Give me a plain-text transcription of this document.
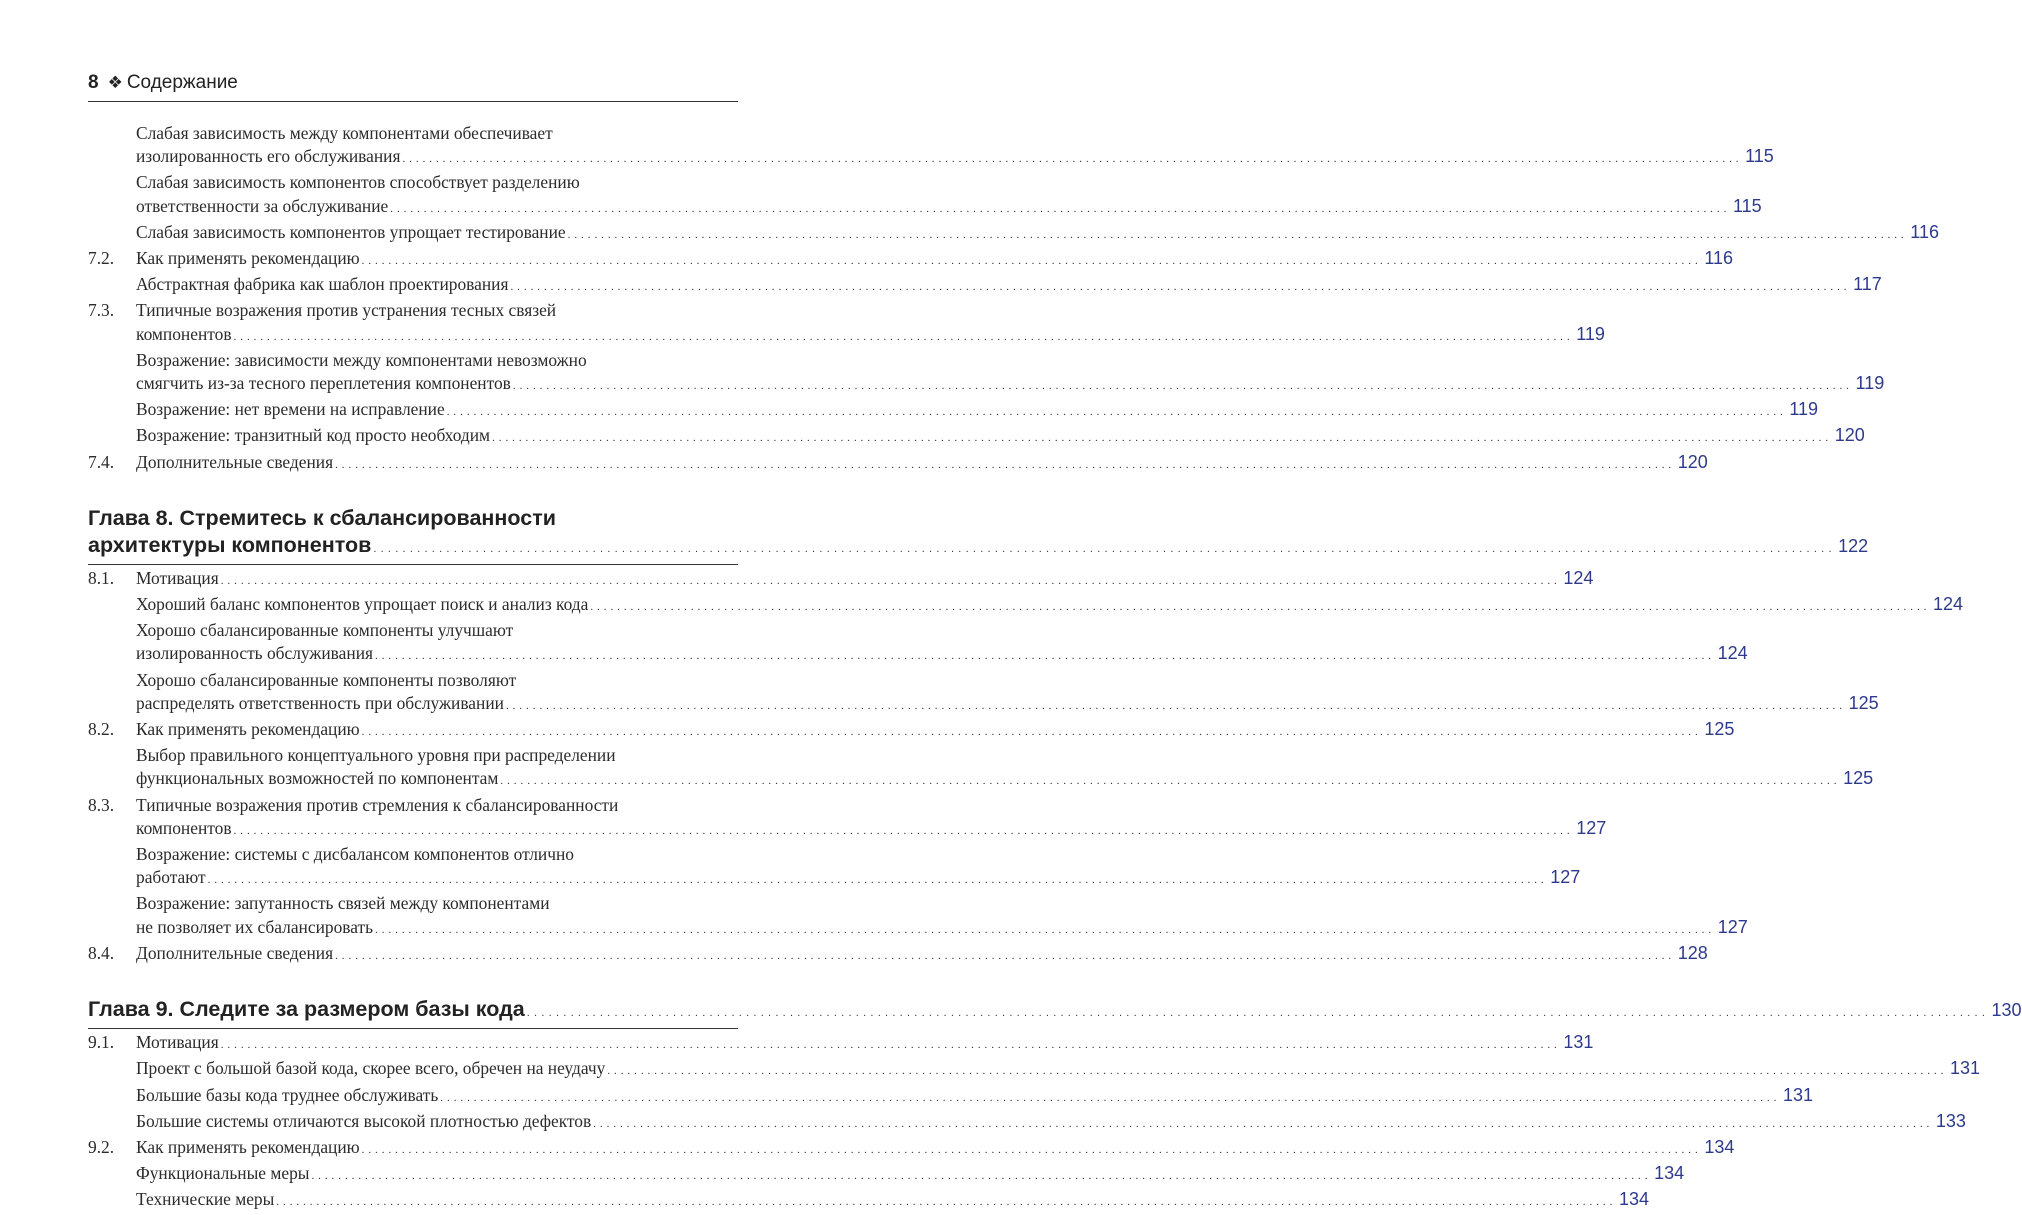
8 ❖ Содержание
Слабая зависимость между компонентами обеспечивает
изолированность его обслуживания . . . . . . . . . . . . . . . . . . . . . . . . . . . . . . . . . . . . . . . . . . . . . . . . . . . . . . . . . . . . . . . . . . . . . . . . . . . . . . . . . . . . . . . . . . . . . . . . . . . . . . . . . . . . . . . . . . . . . . . . . . . . . . . . . . . . . . . . . . . . . . . . . . . . . . . . . . . . . . . . . . . . . . . . . . . . . . . . . . . . . . . . . . . . . . . . . . . . . . . . 115
Слабая зависимость компонентов способствует разделению
ответственности за обслуживание . . . . . . . . . . . . . . . . . . . . . . . . . . . . . . . . . . . . . . . . . . . . . . . . . . . . . . . . . . . . . . . . . . . . . . . . . . . . . . . . . . . . . . . . . . . . . . . . . . . . . . . . . . . . . . . . . . . . . . . . . . . . . . . . . . . . . . . . . . . . . . . . . . . . . . . . . . . . . . . . . . . . . . . . . . . . . . . . . . . . . . . . . . . . . . . . . . . . . . . . 115
Слабая зависимость компонентов упрощает тестирование . . . . . . . . . . . . . . . . . . . . . . . . . . . . . . . . . . . . . . . . . . . . . . . . . . . . . . . . . . . . . . . . . . . . . . . . . . . . . . . . . . . . . . . . . . . . . . . . . . . . . . . . . . . . . . . . . . . . . . . . . . . . . . . . . . . . . . . . . . . . . . . . . . . . . . . . . . . . . . . . . . . . . . . . . . . . . . . . . . . . . . . . . . . . . . . . . . . . . . . . 116
7.2.	Как применять рекомендацию . . . . . . . . . . . . . . . . . . . . . . . . . . . . . . . . . . . . . . . . . . . . . . . . . . . . . . . . . . . . . . . . . . . . . . . . . . . . . . . . . . . . . . . . . . . . . . . . . . . . . . . . . . . . . . . . . . . . . . . . . . . . . . . . . . . . . . . . . . . . . . . . . . . . . . . . . . . . . . . . . . . . . . . . . . . . . . . . . . . . . . . . . . . . . . . . . . . . . . . . 116
Абстрактная фабрика как шаблон проектирования . . . . . . . . . . . . . . . . . . . . . . . . . . . . . . . . . . . . . . . . . . . . . . . . . . . . . . . . . . . . . . . . . . . . . . . . . . . . . . . . . . . . . . . . . . . . . . . . . . . . . . . . . . . . . . . . . . . . . . . . . . . . . . . . . . . . . . . . . . . . . . . . . . . . . . . . . . . . . . . . . . . . . . . . . . . . . . . . . . . . . . . . . . . . . . . . . . . . . . . . 117
7.3.	Типичные возражения против устранения тесных связей
компонентов . . . . . . . . . . . . . . . . . . . . . . . . . . . . . . . . . . . . . . . . . . . . . . . . . . . . . . . . . . . . . . . . . . . . . . . . . . . . . . . . . . . . . . . . . . . . . . . . . . . . . . . . . . . . . . . . . . . . . . . . . . . . . . . . . . . . . . . . . . . . . . . . . . . . . . . . . . . . . . . . . . . . . . . . . . . . . . . . . . . . . . . . . . . . . . . . . . . . . . . . 119
Возражение: зависимости между компонентами невозможно
смягчить из-за тесного переплетения компонентов . . . . . . . . . . . . . . . . . . . . . . . . . . . . . . . . . . . . . . . . . . . . . . . . . . . . . . . . . . . . . . . . . . . . . . . . . . . . . . . . . . . . . . . . . . . . . . . . . . . . . . . . . . . . . . . . . . . . . . . . . . . . . . . . . . . . . . . . . . . . . . . . . . . . . . . . . . . . . . . . . . . . . . . . . . . . . . . . . . . . . . . . . . . . . . . . . . . . . . . . 119
Возражение: нет времени на исправление . . . . . . . . . . . . . . . . . . . . . . . . . . . . . . . . . . . . . . . . . . . . . . . . . . . . . . . . . . . . . . . . . . . . . . . . . . . . . . . . . . . . . . . . . . . . . . . . . . . . . . . . . . . . . . . . . . . . . . . . . . . . . . . . . . . . . . . . . . . . . . . . . . . . . . . . . . . . . . . . . . . . . . . . . . . . . . . . . . . . . . . . . . . . . . . . . . . . . . . . 119
Возражение: транзитный код просто необходим . . . . . . . . . . . . . . . . . . . . . . . . . . . . . . . . . . . . . . . . . . . . . . . . . . . . . . . . . . . . . . . . . . . . . . . . . . . . . . . . . . . . . . . . . . . . . . . . . . . . . . . . . . . . . . . . . . . . . . . . . . . . . . . . . . . . . . . . . . . . . . . . . . . . . . . . . . . . . . . . . . . . . . . . . . . . . . . . . . . . . . . . . . . . . . . . . . . . . . . . 120
7.4.	Дополнительные сведения . . . . . . . . . . . . . . . . . . . . . . . . . . . . . . . . . . . . . . . . . . . . . . . . . . . . . . . . . . . . . . . . . . . . . . . . . . . . . . . . . . . . . . . . . . . . . . . . . . . . . . . . . . . . . . . . . . . . . . . . . . . . . . . . . . . . . . . . . . . . . . . . . . . . . . . . . . . . . . . . . . . . . . . . . . . . . . . . . . . . . . . . . . . . . . . . . . . . . . . . 120
Глава 8. Стремитесь к сбалансированности
архитектуры компонентов . . . . . . . . . . . . . . . . . . . . . . . . . . . . . . . . . . . . . . . . . . . . . . . . . . . . . . . . . . . . . . . . . . . . . . . . . . . . . . . . . . . . . . . . . . . . . . . . . . . . . . . . . . . . . . . . . . . . . . . . . . . . . . . . . . . . . . . . . . . . . . . . . . . . . . . . . . . . . . . . . . . . . . . . . . . . . . . . . . . . . . . . . . . . . . . . . . . . . . . . 122
8.1.	Мотивация . . . . . . . . . . . . . . . . . . . . . . . . . . . . . . . . . . . . . . . . . . . . . . . . . . . . . . . . . . . . . . . . . . . . . . . . . . . . . . . . . . . . . . . . . . . . . . . . . . . . . . . . . . . . . . . . . . . . . . . . . . . . . . . . . . . . . . . . . . . . . . . . . . . . . . . . . . . . . . . . . . . . . . . . . . . . . . . . . . . . . . . . . . . . . . . . . . . . . . . . 124
Хороший баланс компонентов упрощает поиск и анализ кода . . . . . . . . . . . . . . . . . . . . . . . . . . . . . . . . . . . . . . . . . . . . . . . . . . . . . . . . . . . . . . . . . . . . . . . . . . . . . . . . . . . . . . . . . . . . . . . . . . . . . . . . . . . . . . . . . . . . . . . . . . . . . . . . . . . . . . . . . . . . . . . . . . . . . . . . . . . . . . . . . . . . . . . . . . . . . . . . . . . . . . . . . . . . . . . . . . . . . . . . 124
Хорошо сбалансированные компоненты улучшают
изолированность обслуживания . . . . . . . . . . . . . . . . . . . . . . . . . . . . . . . . . . . . . . . . . . . . . . . . . . . . . . . . . . . . . . . . . . . . . . . . . . . . . . . . . . . . . . . . . . . . . . . . . . . . . . . . . . . . . . . . . . . . . . . . . . . . . . . . . . . . . . . . . . . . . . . . . . . . . . . . . . . . . . . . . . . . . . . . . . . . . . . . . . . . . . . . . . . . . . . . . . . . . . . . 124
Хорошо сбалансированные компоненты позволяют
распределять ответственность при обслуживании . . . . . . . . . . . . . . . . . . . . . . . . . . . . . . . . . . . . . . . . . . . . . . . . . . . . . . . . . . . . . . . . . . . . . . . . . . . . . . . . . . . . . . . . . . . . . . . . . . . . . . . . . . . . . . . . . . . . . . . . . . . . . . . . . . . . . . . . . . . . . . . . . . . . . . . . . . . . . . . . . . . . . . . . . . . . . . . . . . . . . . . . . . . . . . . . . . . . . . . . 125
8.2.	Как применять рекомендацию . . . . . . . . . . . . . . . . . . . . . . . . . . . . . . . . . . . . . . . . . . . . . . . . . . . . . . . . . . . . . . . . . . . . . . . . . . . . . . . . . . . . . . . . . . . . . . . . . . . . . . . . . . . . . . . . . . . . . . . . . . . . . . . . . . . . . . . . . . . . . . . . . . . . . . . . . . . . . . . . . . . . . . . . . . . . . . . . . . . . . . . . . . . . . . . . . . . . . . . . 125
Выбор правильного концептуального уровня при распределении
функциональных возможностей по компонентам . . . . . . . . . . . . . . . . . . . . . . . . . . . . . . . . . . . . . . . . . . . . . . . . . . . . . . . . . . . . . . . . . . . . . . . . . . . . . . . . . . . . . . . . . . . . . . . . . . . . . . . . . . . . . . . . . . . . . . . . . . . . . . . . . . . . . . . . . . . . . . . . . . . . . . . . . . . . . . . . . . . . . . . . . . . . . . . . . . . . . . . . . . . . . . . . . . . . . . . . 125
8.3.	Типичные возражения против стремления к сбалансированности
компонентов . . . . . . . . . . . . . . . . . . . . . . . . . . . . . . . . . . . . . . . . . . . . . . . . . . . . . . . . . . . . . . . . . . . . . . . . . . . . . . . . . . . . . . . . . . . . . . . . . . . . . . . . . . . . . . . . . . . . . . . . . . . . . . . . . . . . . . . . . . . . . . . . . . . . . . . . . . . . . . . . . . . . . . . . . . . . . . . . . . . . . . . . . . . . . . . . . . . . . . . . 127
Возражение: системы с дисбалансом компонентов отлично
работают . . . . . . . . . . . . . . . . . . . . . . . . . . . . . . . . . . . . . . . . . . . . . . . . . . . . . . . . . . . . . . . . . . . . . . . . . . . . . . . . . . . . . . . . . . . . . . . . . . . . . . . . . . . . . . . . . . . . . . . . . . . . . . . . . . . . . . . . . . . . . . . . . . . . . . . . . . . . . . . . . . . . . . . . . . . . . . . . . . . . . . . . . . . . . . . . . . . . . . . . 127
Возражение: запутанность связей между компонентами
не позволяет их сбалансировать . . . . . . . . . . . . . . . . . . . . . . . . . . . . . . . . . . . . . . . . . . . . . . . . . . . . . . . . . . . . . . . . . . . . . . . . . . . . . . . . . . . . . . . . . . . . . . . . . . . . . . . . . . . . . . . . . . . . . . . . . . . . . . . . . . . . . . . . . . . . . . . . . . . . . . . . . . . . . . . . . . . . . . . . . . . . . . . . . . . . . . . . . . . . . . . . . . . . . . . . 127
8.4.	Дополнительные сведения . . . . . . . . . . . . . . . . . . . . . . . . . . . . . . . . . . . . . . . . . . . . . . . . . . . . . . . . . . . . . . . . . . . . . . . . . . . . . . . . . . . . . . . . . . . . . . . . . . . . . . . . . . . . . . . . . . . . . . . . . . . . . . . . . . . . . . . . . . . . . . . . . . . . . . . . . . . . . . . . . . . . . . . . . . . . . . . . . . . . . . . . . . . . . . . . . . . . . . . . 128
Глава 9. Следите за размером базы кода . . . . . . . . . . . . . . . . . . . . . . . . . . . . . . . . . . . . . . . . . . . . . . . . . . . . . . . . . . . . . . . . . . . . . . . . . . . . . . . . . . . . . . . . . . . . . . . . . . . . . . . . . . . . . . . . . . . . . . . . . . . . . . . . . . . . . . . . . . . . . . . . . . . . . . . . . . . . . . . . . . . . . . . . . . . . . . . . . . . . . . . . . . . . . . . . . . . . . . . . 130
9.1.	Мотивация . . . . . . . . . . . . . . . . . . . . . . . . . . . . . . . . . . . . . . . . . . . . . . . . . . . . . . . . . . . . . . . . . . . . . . . . . . . . . . . . . . . . . . . . . . . . . . . . . . . . . . . . . . . . . . . . . . . . . . . . . . . . . . . . . . . . . . . . . . . . . . . . . . . . . . . . . . . . . . . . . . . . . . . . . . . . . . . . . . . . . . . . . . . . . . . . . . . . . . . . 131
Проект с большой базой кода, скорее всего, обречен на неудачу . . . . . . . . . . . . . . . . . . . . . . . . . . . . . . . . . . . . . . . . . . . . . . . . . . . . . . . . . . . . . . . . . . . . . . . . . . . . . . . . . . . . . . . . . . . . . . . . . . . . . . . . . . . . . . . . . . . . . . . . . . . . . . . . . . . . . . . . . . . . . . . . . . . . . . . . . . . . . . . . . . . . . . . . . . . . . . . . . . . . . . . . . . . . . . . . . . . . . . . . 131
Большие базы кода труднее обслуживать . . . . . . . . . . . . . . . . . . . . . . . . . . . . . . . . . . . . . . . . . . . . . . . . . . . . . . . . . . . . . . . . . . . . . . . . . . . . . . . . . . . . . . . . . . . . . . . . . . . . . . . . . . . . . . . . . . . . . . . . . . . . . . . . . . . . . . . . . . . . . . . . . . . . . . . . . . . . . . . . . . . . . . . . . . . . . . . . . . . . . . . . . . . . . . . . . . . . . . . . 131
Большие системы отличаются высокой плотностью дефектов . . . . . . . . . . . . . . . . . . . . . . . . . . . . . . . . . . . . . . . . . . . . . . . . . . . . . . . . . . . . . . . . . . . . . . . . . . . . . . . . . . . . . . . . . . . . . . . . . . . . . . . . . . . . . . . . . . . . . . . . . . . . . . . . . . . . . . . . . . . . . . . . . . . . . . . . . . . . . . . . . . . . . . . . . . . . . . . . . . . . . . . . . . . . . . . . . . . . . . . . 133
9.2.	Как применять рекомендацию . . . . . . . . . . . . . . . . . . . . . . . . . . . . . . . . . . . . . . . . . . . . . . . . . . . . . . . . . . . . . . . . . . . . . . . . . . . . . . . . . . . . . . . . . . . . . . . . . . . . . . . . . . . . . . . . . . . . . . . . . . . . . . . . . . . . . . . . . . . . . . . . . . . . . . . . . . . . . . . . . . . . . . . . . . . . . . . . . . . . . . . . . . . . . . . . . . . . . . . . 134
Функциональные меры . . . . . . . . . . . . . . . . . . . . . . . . . . . . . . . . . . . . . . . . . . . . . . . . . . . . . . . . . . . . . . . . . . . . . . . . . . . . . . . . . . . . . . . . . . . . . . . . . . . . . . . . . . . . . . . . . . . . . . . . . . . . . . . . . . . . . . . . . . . . . . . . . . . . . . . . . . . . . . . . . . . . . . . . . . . . . . . . . . . . . . . . . . . . . . . . . . . . . . . . 134
Технические меры . . . . . . . . . . . . . . . . . . . . . . . . . . . . . . . . . . . . . . . . . . . . . . . . . . . . . . . . . . . . . . . . . . . . . . . . . . . . . . . . . . . . . . . . . . . . . . . . . . . . . . . . . . . . . . . . . . . . . . . . . . . . . . . . . . . . . . . . . . . . . . . . . . . . . . . . . . . . . . . . . . . . . . . . . . . . . . . . . . . . . . . . . . . . . . . . . . . . . . . . 134
